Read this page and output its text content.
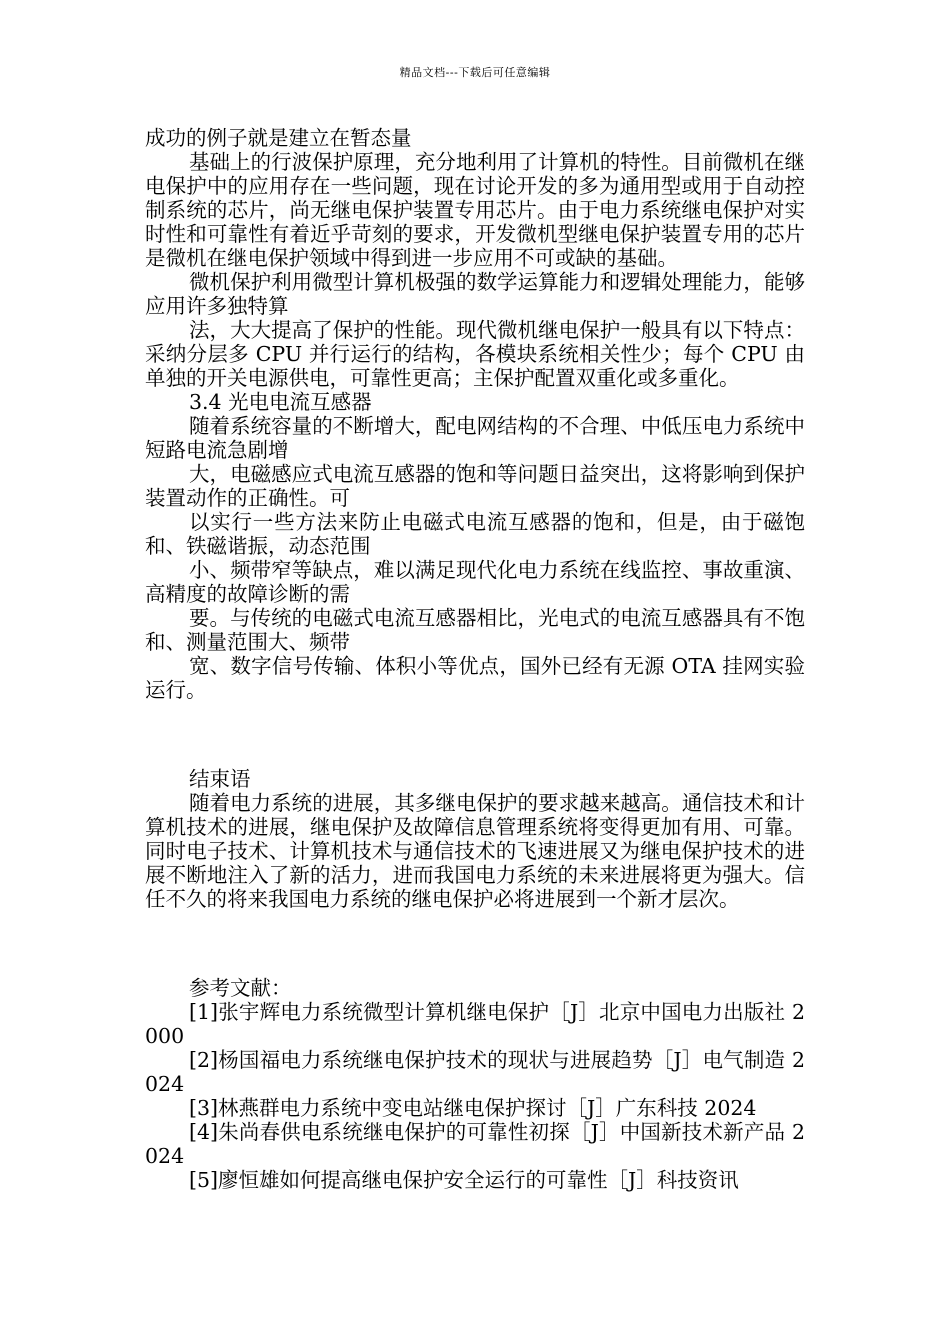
精品文档---下载后可任意编辑

成功的例子就是建立在暂态量

基础上的行波保护原理，充分地利用了计算机的特性。目前微机在继电保护中的应用存在一些问题，现在讨论开发的多为通用型或用于自动控制系统的芯片，尚无继电保护装置专用芯片。由于电力系统继电保护对实时性和可靠性有着近乎苛刻的要求，开发微机型继电保护装置专用的芯片是微机在继电保护领域中得到进一步应用不可或缺的基础。

微机保护利用微型计算机极强的数学运算能力和逻辑处理能力，能够应用许多独特算

法，大大提高了保护的性能。现代微机继电保护一般具有以下特点：采纳分层多 CPU 并行运行的结构，各模块系统相关性少；每个 CPU 由单独的开关电源供电，可靠性更高；主保护配置双重化或多重化。

3.4 光电电流互感器

随着系统容量的不断增大，配电网结构的不合理、中低压电力系统中短路电流急剧增

大，电磁感应式电流互感器的饱和等问题日益突出，这将影响到保护装置动作的正确性。可

以实行一些方法来防止电磁式电流互感器的饱和，但是，由于磁饱和、铁磁谐振，动态范围

小、频带窄等缺点，难以满足现代化电力系统在线监控、事故重演、高精度的故障诊断的需

要。与传统的电磁式电流互感器相比，光电式的电流互感器具有不饱和、测量范围大、频带

宽、数字信号传输、体积小等优点，国外已经有无源 OTA 挂网实验运行。

结束语

随着电力系统的进展，其多继电保护的要求越来越高。通信技术和计算机技术的进展，继电保护及故障信息管理系统将变得更加有用、可靠。同时电子技术、计算机技术与通信技术的飞速进展又为继电保护技术的进展不断地注入了新的活力，进而我国电力系统的未来进展将更为强大。信任不久的将来我国电力系统的继电保护必将进展到一个新才层次。

参考文献：

[1]张宇辉电力系统微型计算机继电保护［J］北京中国电力出版社 2000

[2]杨国福电力系统继电保护技术的现状与进展趋势［J］电气制造 2024

[3]林燕群电力系统中变电站继电保护探讨［J］广东科技 2024

[4]朱尚春供电系统继电保护的可靠性初探［J］中国新技术新产品 2024

[5]廖恒雄如何提高继电保护安全运行的可靠性［J］科技资讯
